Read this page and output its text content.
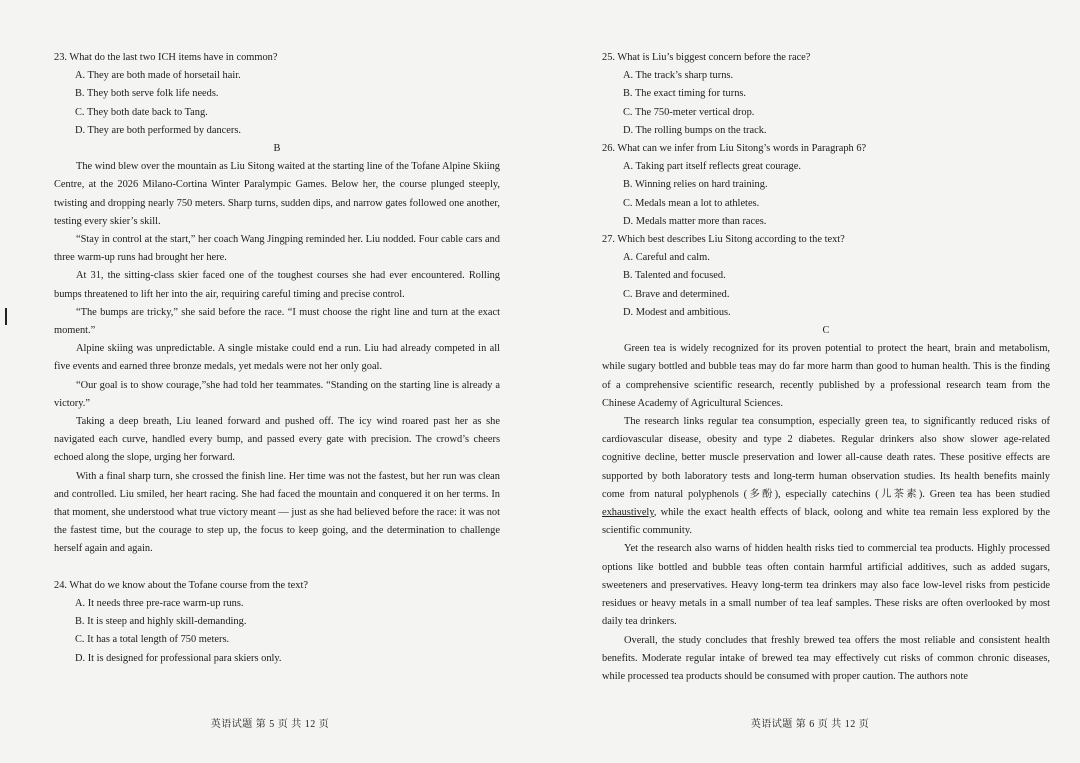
23. What do the last two ICH items have in common?

A. They are both made of horsetail hair.

B. They both serve folk life needs.

C. They both date back to Tang.

D. They are both performed by dancers.

B

The wind blew over the mountain as Liu Sitong waited at the starting line of the Tofane Alpine Skiing Centre, at the 2026 Milano-Cortina Winter Paralympic Games. Below her, the course plunged steeply, twisting and dropping nearly 750 meters. Sharp turns, sudden dips, and narrow gates followed one another, testing every skier’s skill.

“Stay in control at the start,” her coach Wang Jingping reminded her. Liu nodded. Four cable cars and three warm-up runs had brought her here.

At 31, the sitting-class skier faced one of the toughest courses she had ever encountered. Rolling bumps threatened to lift her into the air, requiring careful timing and precise control.

“The bumps are tricky,” she said before the race. “I must choose the right line and turn at the exact moment.”

Alpine skiing was unpredictable. A single mistake could end a run. Liu had already competed in all five events and earned three bronze medals, yet medals were not her only goal.

“Our goal is to show courage,”she had told her teammates. “Standing on the starting line is already a victory.”

Taking a deep breath, Liu leaned forward and pushed off. The icy wind roared past her as she navigated each curve, handled every bump, and passed every gate with precision. The crowd’s cheers echoed along the slope, urging her forward.

With a final sharp turn, she crossed the finish line. Her time was not the fastest, but her run was clean and controlled. Liu smiled, her heart racing. She had faced the mountain and conquered it on her terms. In that moment, she understood what true victory meant — just as she had believed before the race: it was not the fastest time, but the courage to step up, the focus to keep going, and the determination to challenge herself again and again.

24. What do we know about the Tofane course from the text?

A. It needs three pre-race warm-up runs.

B. It is steep and highly skill-demanding.

C. It has a total length of 750 meters.

D. It is designed for professional para skiers only.

英语试题 第 5 页 共 12 页

25. What is Liu’s biggest concern before the race?

A. The track’s sharp turns.

B. The exact timing for turns.

C. The 750-meter vertical drop.

D. The rolling bumps on the track.

26. What can we infer from Liu Sitong’s words in Paragraph 6?

A. Taking part itself reflects great courage.

B. Winning relies on hard training.

C. Medals mean a lot to athletes.

D. Medals matter more than races.

27. Which best describes Liu Sitong according to the text?

A. Careful and calm.

B. Talented and focused.

C. Brave and determined.

D. Modest and ambitious.

C

Green tea is widely recognized for its proven potential to protect the heart, brain and metabolism, while sugary bottled and bubble teas may do far more harm than good to human health. This is the finding of a comprehensive scientific research, recently published by a professional research team from the Chinese Academy of Agricultural Sciences.

The research links regular tea consumption, especially green tea, to significantly reduced risks of cardiovascular disease, obesity and type 2 diabetes. Regular drinkers also show slower age-related cognitive decline, better muscle preservation and lower all-cause death rates. These positive effects are supported by both laboratory tests and long-term human observation studies. Its health benefits mainly come from natural polyphenols (多酚), especially catechins (儿茶素). Green tea has been studied exhaustively, while the exact health effects of black, oolong and white tea remain less explored by the scientific community.

Yet the research also warns of hidden health risks tied to commercial tea products. Highly processed options like bottled and bubble teas often contain harmful artificial additives, such as added sugars, sweeteners and preservatives. Heavy long-term tea drinkers may also face low-level risks from pesticide residues or heavy metals in a small number of tea leaf samples. These risks are often overlooked by most daily tea drinkers.

Overall, the study concludes that freshly brewed tea offers the most reliable and consistent health benefits. Moderate regular intake of brewed tea may effectively cut risks of common chronic diseases, while processed tea products should be consumed with proper caution. The authors note

英语试题 第 6 页 共 12 页
